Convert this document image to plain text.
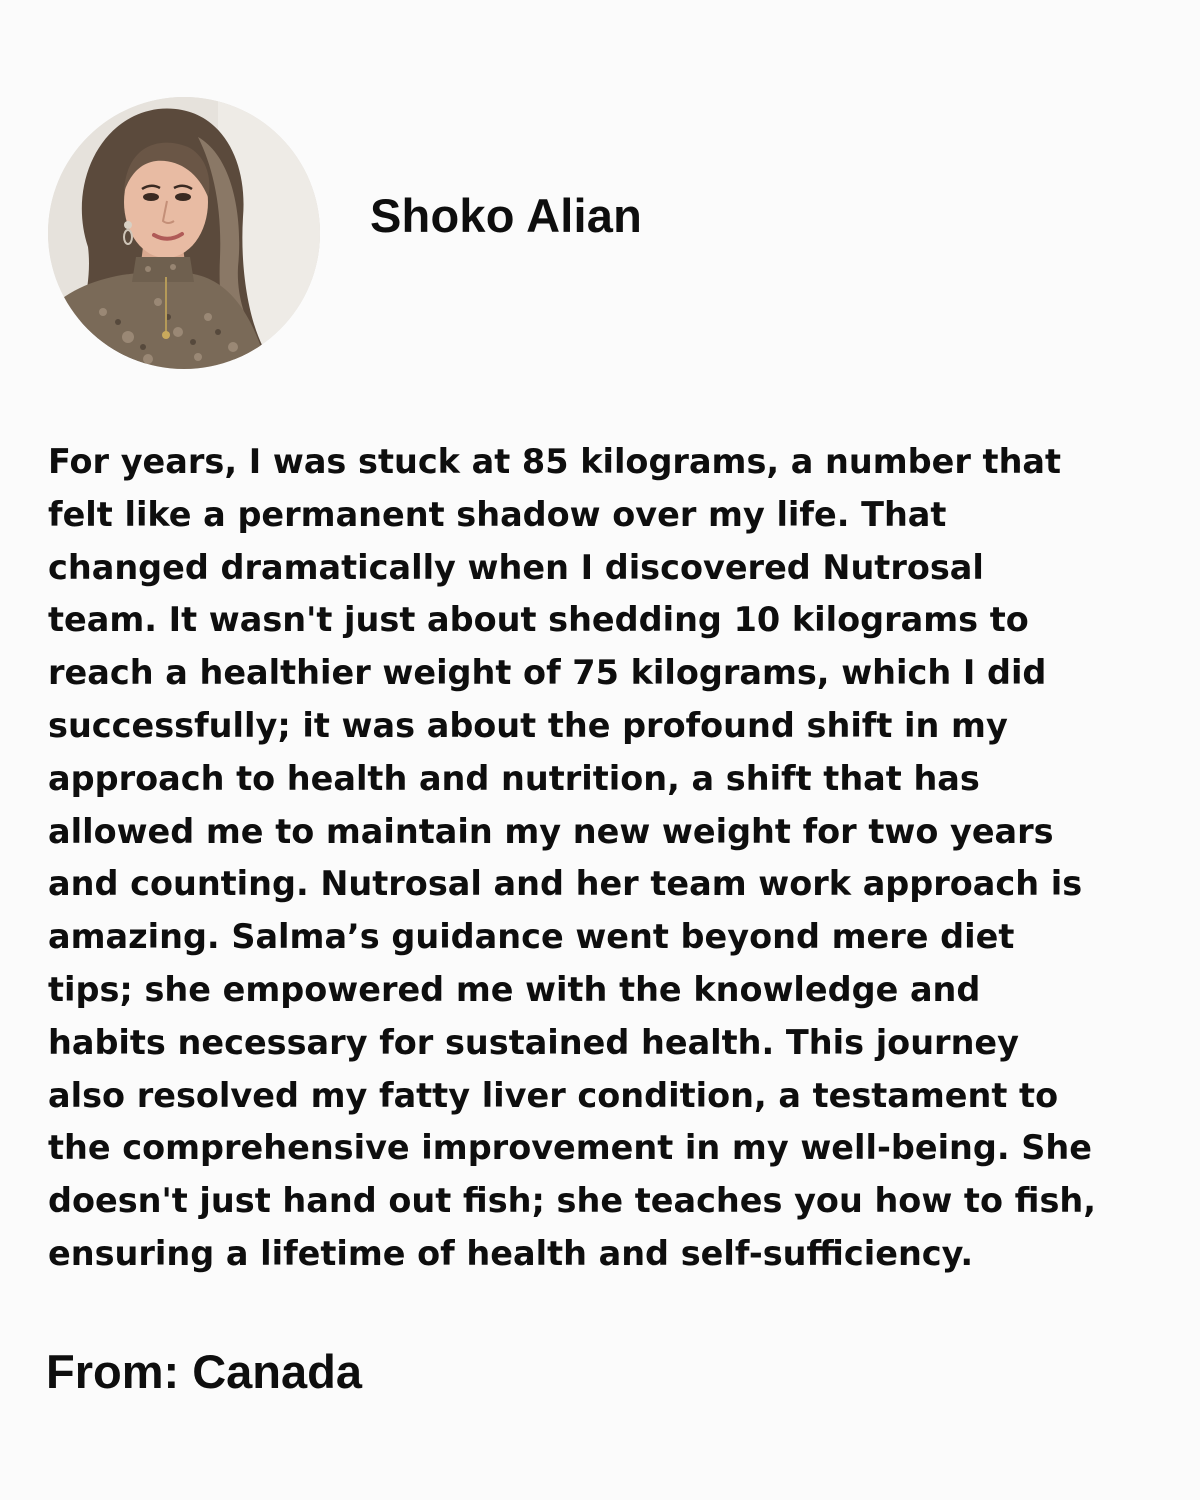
Shoko Alian
For years, I was stuck at 85 kilograms, a number that
felt like a permanent shadow over my life. That
changed dramatically when I discovered Nutrosal
team. It wasn't just about shedding 10 kilograms to
reach a healthier weight of 75 kilograms, which I did
successfully; it was about the profound shift in my
approach to health and nutrition, a shift that has
allowed me to maintain my new weight for two years
and counting. Nutrosal and her team work approach is
amazing. Salma’s guidance went beyond mere diet
tips; she empowered me with the knowledge and
habits necessary for sustained health. This journey
also resolved my fatty liver condition, a testament to
the comprehensive improvement in my well-being. She
doesn't just hand out fish; she teaches you how to fish,
ensuring a lifetime of health and self-sufficiency.
From: Canada
